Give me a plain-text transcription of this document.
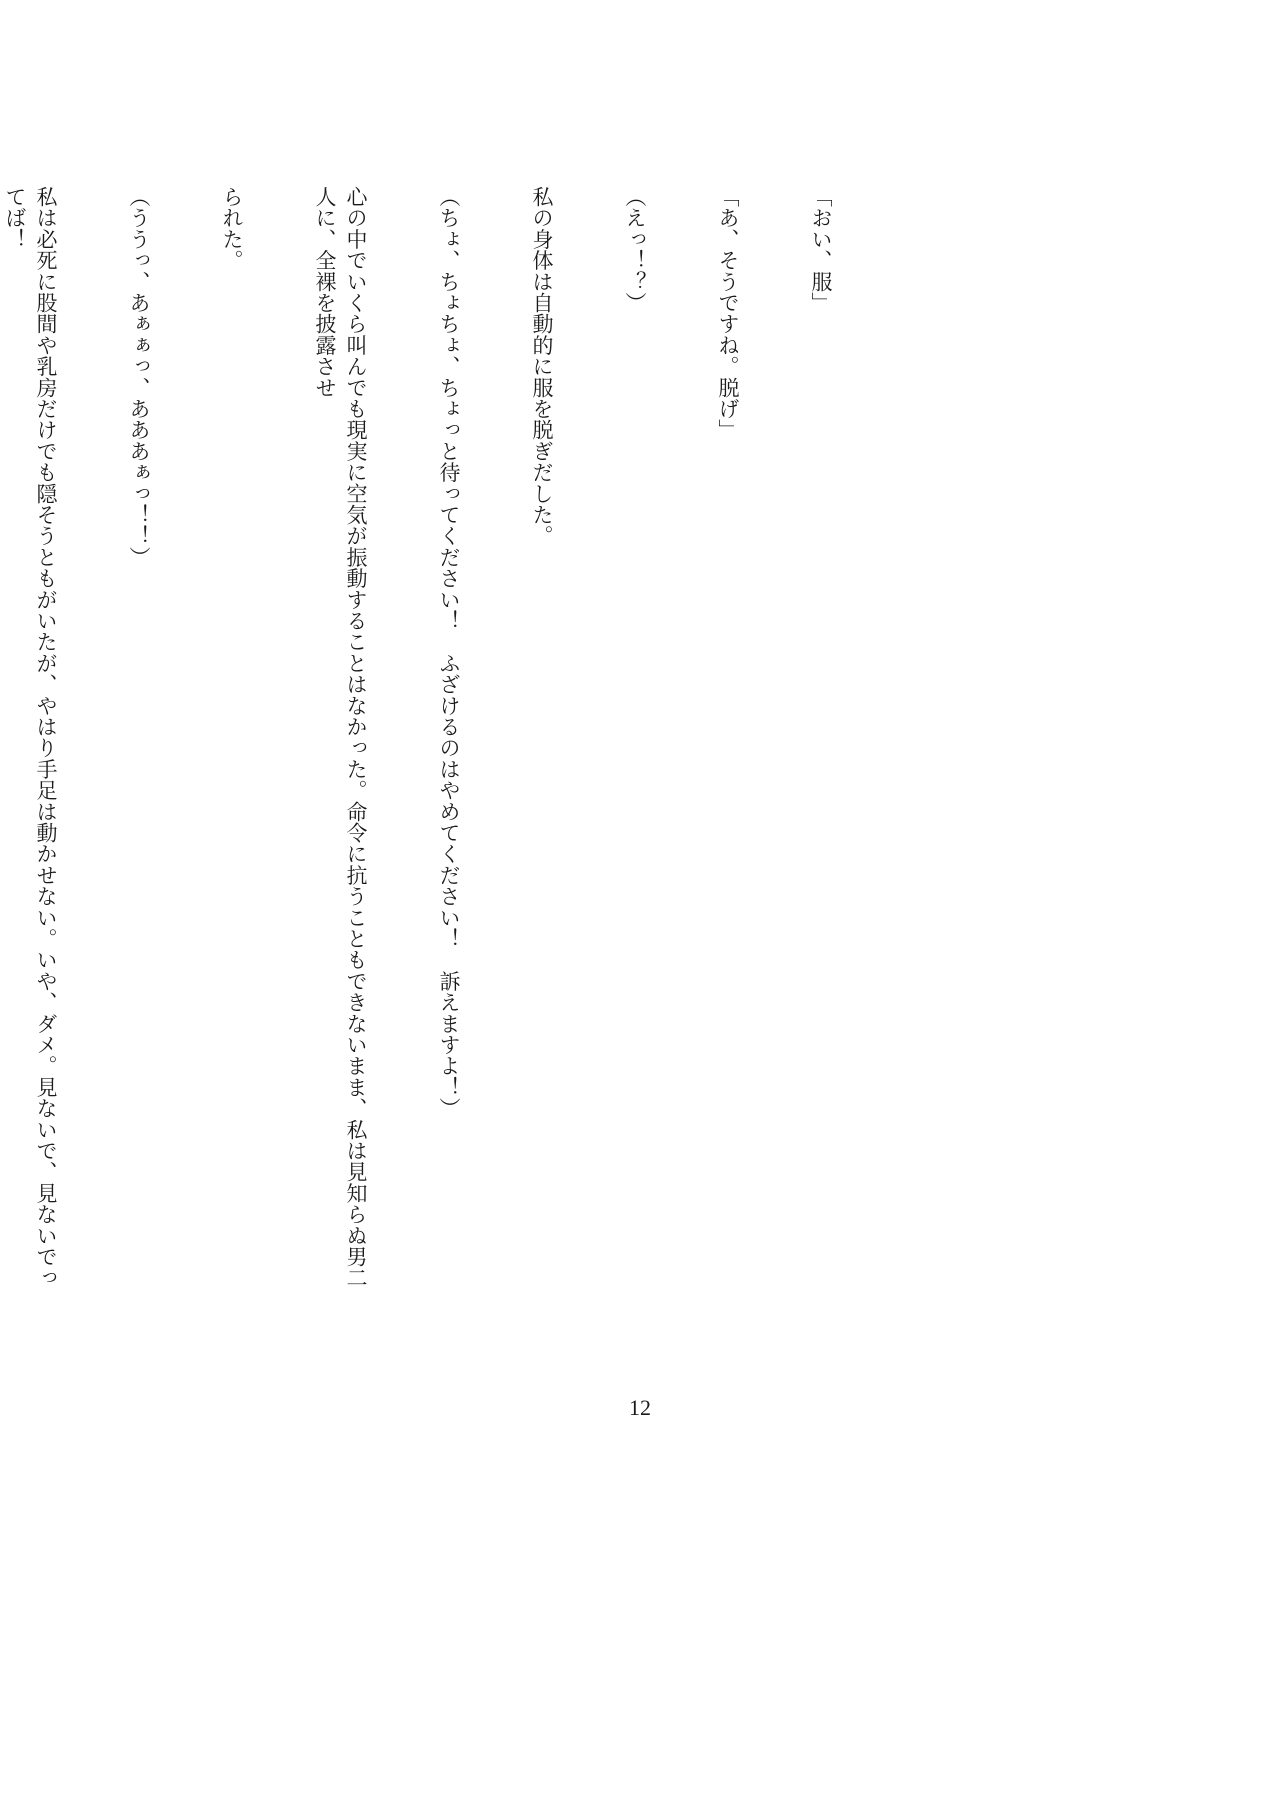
「おい、服」

「あ、そうですね。脱げ」

（えっ！？）

私の身体は自動的に服を脱ぎだした。

（ちょ、ちょちょ、ちょっと待ってください！　ふざけるのはやめてください！　訴えますよ！）

心の中でいくら叫んでも現実に空気が振動することはなかった。命令に抗うこともできないまま、私は見知らぬ男二人に、全裸を披露させ

られた。

（ううっ、あぁぁっ、あああぁっ！！）

私は必死に股間や乳房だけでも隠そうともがいたが、やはり手足は動かせない。いや、ダメ。見ないで、見ないでってば！

12
